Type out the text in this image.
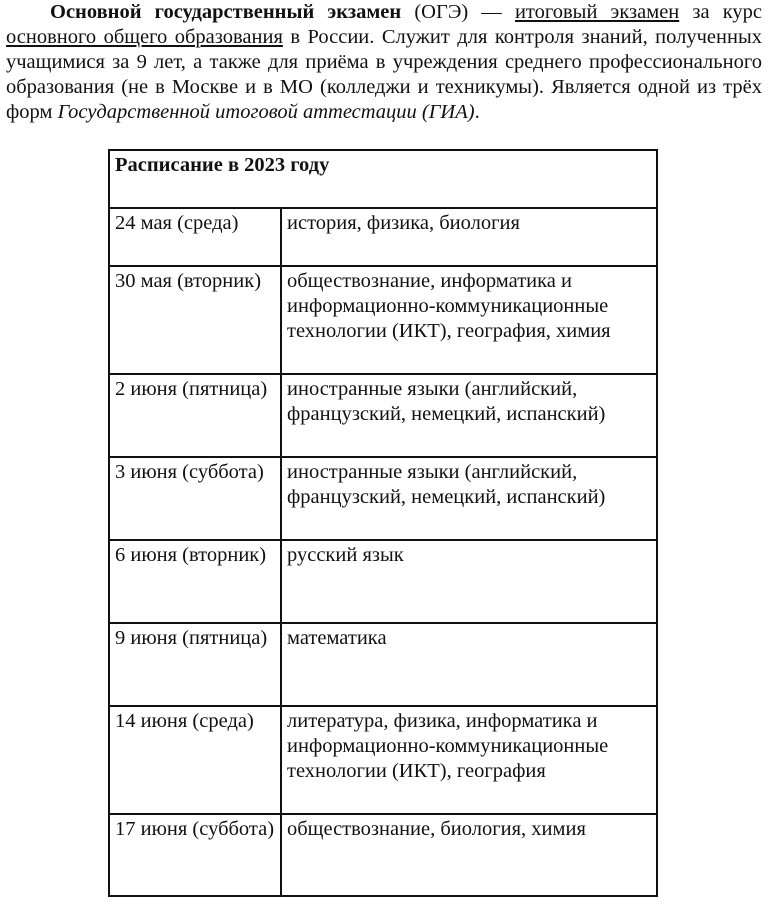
Основной государственный экзамен (ОГЭ) — итоговый экзамен за курс основного общего образования в России. Служит для контроля знаний, полученных учащимися за 9 лет, а также для приёма в учреждения среднего профессионального образования (не в Москве и в МО (колледжи и техникумы). Является одной из трёх форм Государственной итоговой аттестации (ГИА).

Расписание в 2023 году	
24 мая (среда)	история, физика, биология
30 мая (вторник)	обществознание, информатика и информационно-коммуникационные технологии (ИКТ), география, химия
2 июня (пятница)	иностранные языки (английский, французский, немецкий, испанский)
3 июня (суббота)	иностранные языки (английский, французский, немецкий, испанский)
6 июня (вторник)	русский язык
9 июня (пятница)	математика
14 июня (среда)	литература, физика, информатика и информационно-коммуникационные технологии (ИКТ), география
17 июня (суббота)	обществознание, биология, химия
